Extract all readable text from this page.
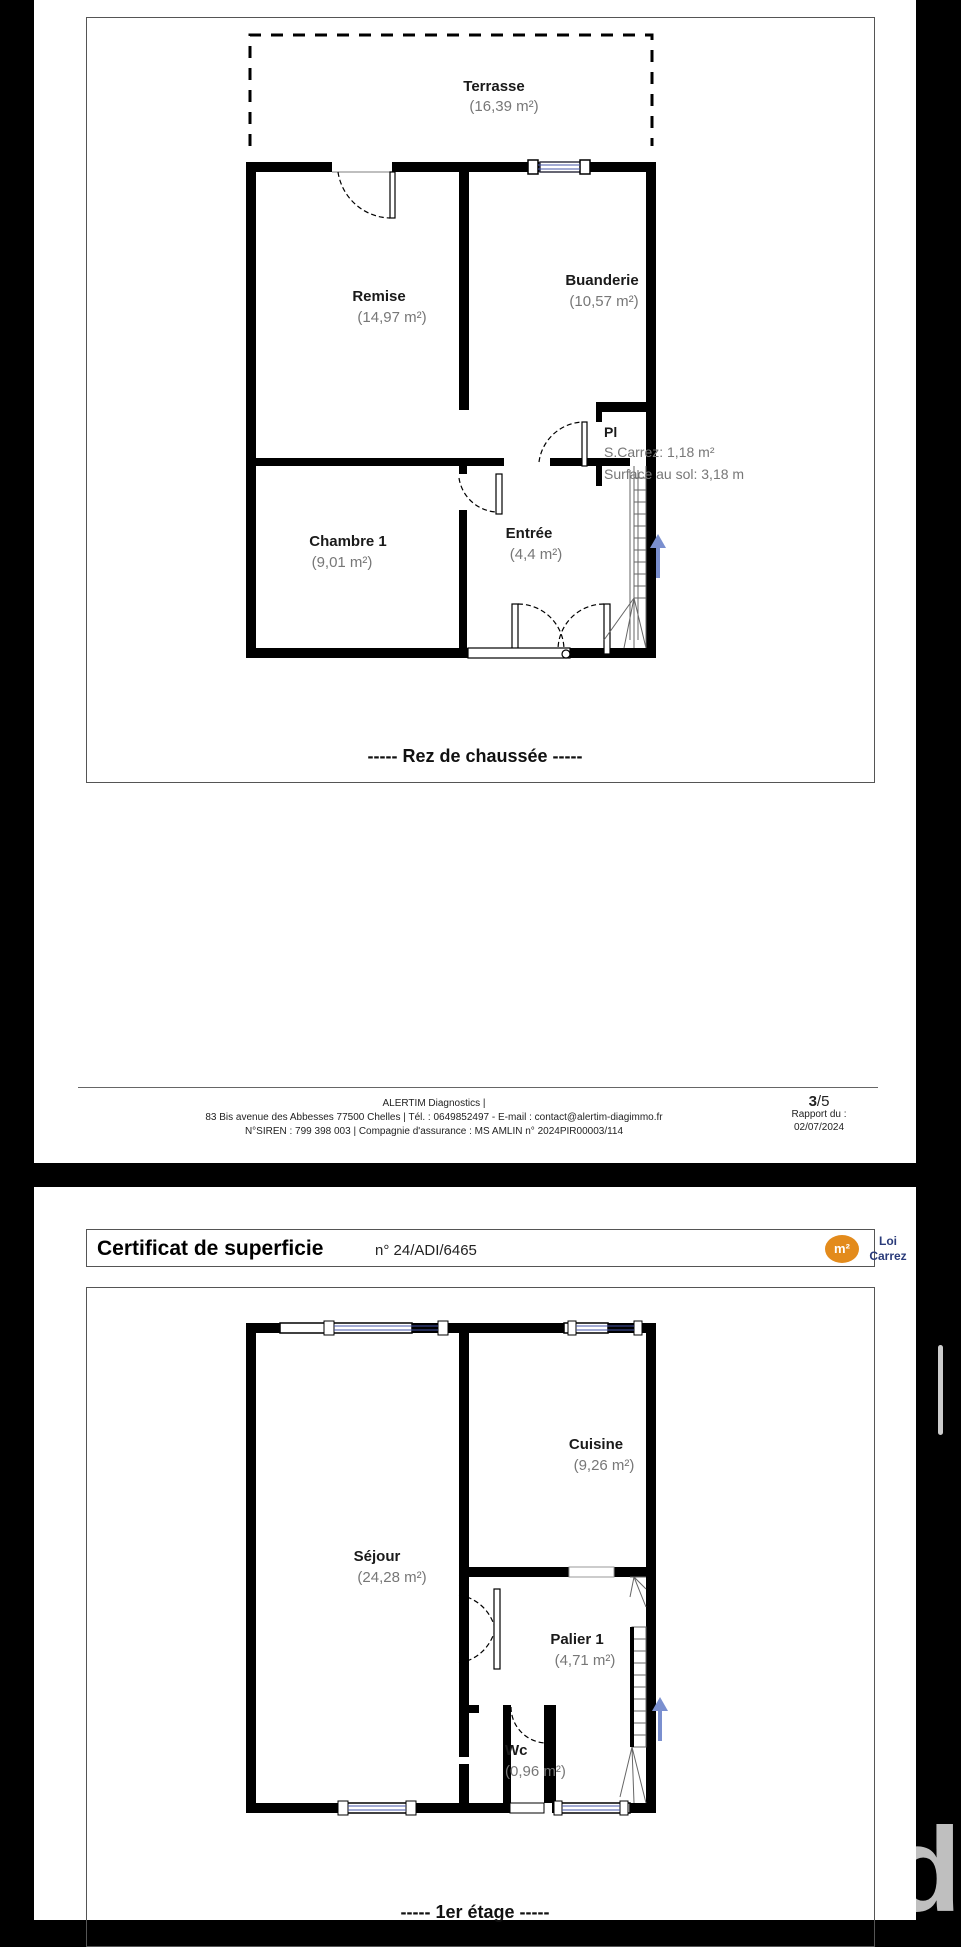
Terrasse
(16,39 m²)
Remise
(14,97 m²)
Buanderie
(10,57 m²)
Chambre 1
(9,01 m²)
Entrée
(4,4 m²)
Pl
S.Carrez: 1,18 m²
Surface au sol: 3,18 m
----- Rez de chaussée -----
ALERTIM Diagnostics |
83 Bis avenue des Abbesses 77500 Chelles | Tél. : 0649852497 - E-mail : contact@alertim-diagimmo.fr
N°SIREN : 799 398 003 | Compagnie d'assurance : MS AMLIN n° 2024PIR00003/114
3/5
Rapport du :
02/07/2024
Certificat de superficie	n° 24/ADI/6465	m²	Loi
Carrez
Séjour
(24,28 m²)
Cuisine
(9,26 m²)
Palier 1
(4,71 m²)
Wc
(0,96 m²)
----- 1er étage -----	d
